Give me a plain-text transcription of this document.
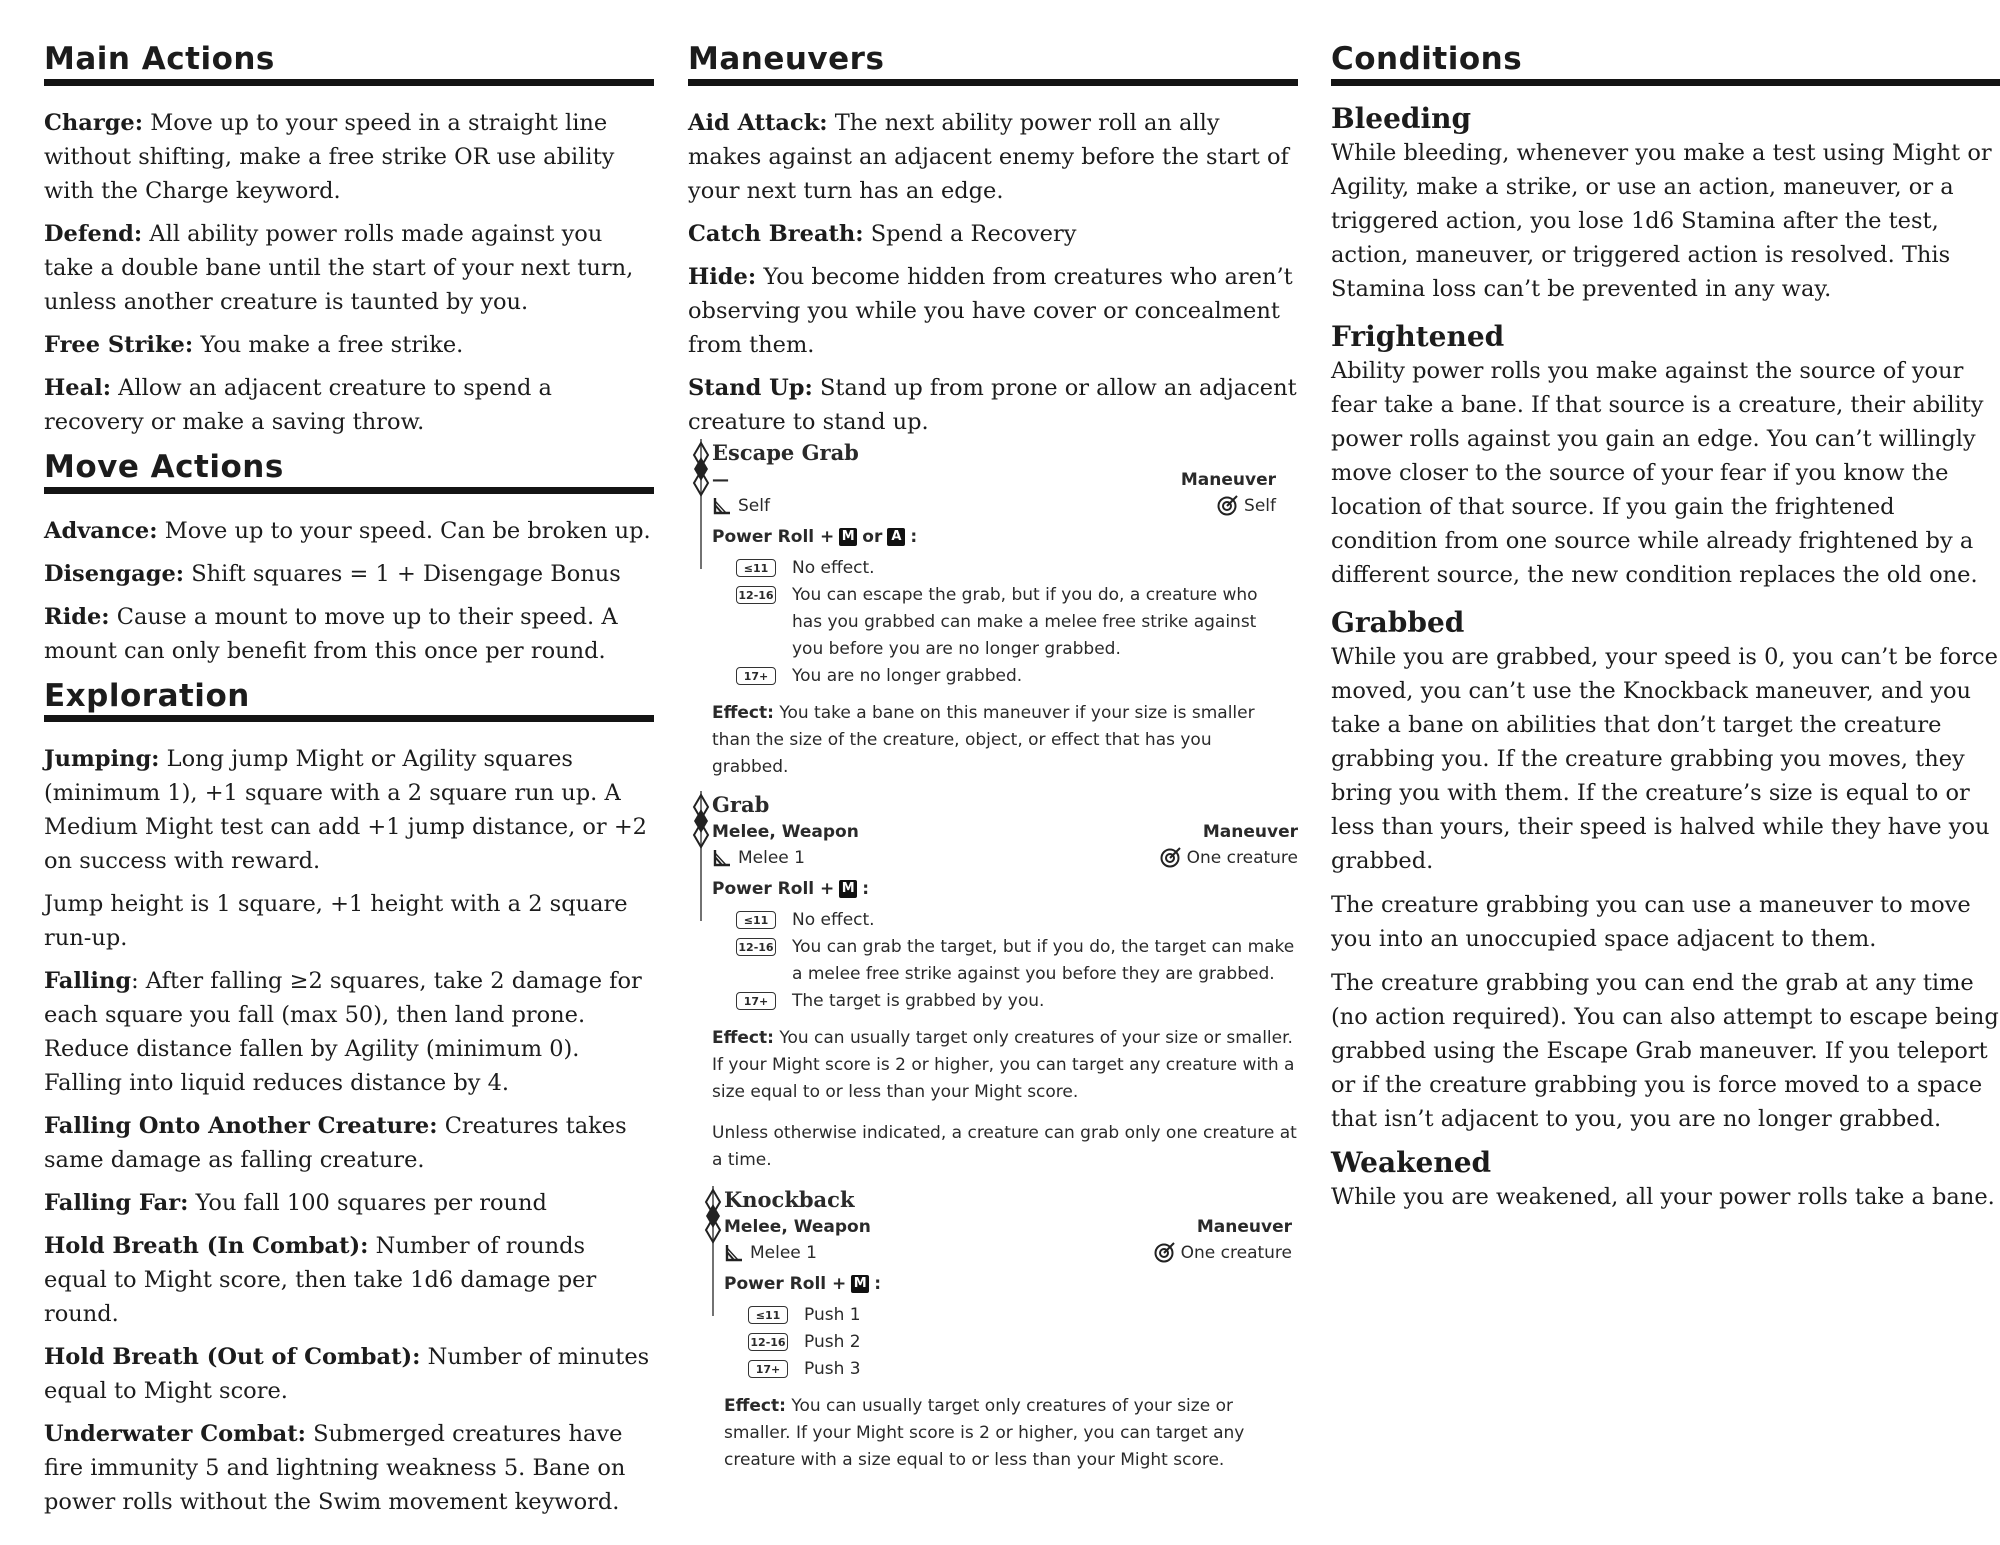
Main Actions

Charge: Move up to your speed in a straight line without shifting, make a free strike OR use ability with the Charge keyword.

Defend: All ability power rolls made against you take a double bane until the start of your next turn, unless another creature is taunted by you.

Free Strike: You make a free strike.

Heal: Allow an adjacent creature to spend a recovery or make a saving throw.

Move Actions

Advance: Move up to your speed. Can be broken up.

Disengage: Shift squares = 1 + Disengage Bonus

Ride: Cause a mount to move up to their speed. A mount can only benefit from this once per round.

Exploration

Jumping: Long jump Might or Agility squares (minimum 1), +1 square with a 2 square run up. A Medium Might test can add +1 jump distance, or +2 on success with reward.

Jump height is 1 square, +1 height with a 2 square run-up.

Falling: After falling ≥2 squares, take 2 damage for each square you fall (max 50), then land prone. Reduce distance fallen by Agility (minimum 0). Falling into liquid reduces distance by 4.

Falling Onto Another Creature: Creatures takes same damage as falling creature.

Falling Far: You fall 100 squares per round

Hold Breath (In Combat): Number of rounds equal to Might score, then take 1d6 damage per round.

Hold Breath (Out of Combat): Number of minutes equal to Might score.

Underwater Combat: Submerged creatures have fire immunity 5 and lightning weakness 5. Bane on power rolls without the Swim movement keyword.

Maneuvers

Aid Attack: The next ability power roll an ally makes against an adjacent enemy before the start of your next turn has an edge.

Catch Breath: Spend a Recovery

Hide: You become hidden from creatures who aren’t observing you while you have cover or concealment from them.

Stand Up: Stand up from prone or allow an adjacent creature to stand up.

Escape Grab
—	Maneuver
Self	Self
Power Roll + M or A :
≤11	No effect.
12-16 You can escape the grab, but if you do, a creature who has you grabbed can make a melee free strike against you before you are no longer grabbed.
17+	You are no longer grabbed.

Effect: You take a bane on this maneuver if your size is smaller than the size of the creature, object, or effect that has you grabbed.

Grab
Melee, Weapon	Maneuver
Melee 1	One creature
Power Roll + M :
≤11	No effect.
12-16 You can grab the target, but if you do, the target can make a melee free strike against you before they are grabbed.
17+	The target is grabbed by you.

Effect: You can usually target only creatures of your size or smaller. If your Might score is 2 or higher, you can target any creature with a size equal to or less than your Might score.

Unless otherwise indicated, a creature can grab only one creature at a time.

Knockback
Melee, Weapon	Maneuver
Melee 1	One creature
Power Roll + M :
≤11	Push 1
12-16 Push 2
17+	Push 3

Effect: You can usually target only creatures of your size or smaller. If your Might score is 2 or higher, you can target any creature with a size equal to or less than your Might score.

Conditions
Bleeding

While bleeding, whenever you make a test using Might or Agility, make a strike, or use an action, maneuver, or a triggered action, you lose 1d6 Stamina after the test, action, maneuver, or triggered action is resolved. This Stamina loss can’t be prevented in any way.

Frightened

Ability power rolls you make against the source of your fear take a bane. If that source is a creature, their ability power rolls against you gain an edge. You can’t willingly move closer to the source of your fear if you know the location of that source. If you gain the frightened condition from one source while already frightened by a different source, the new condition replaces the old one.

Grabbed

While you are grabbed, your speed is 0, you can’t be force moved, you can’t use the Knockback maneuver, and you take a bane on abilities that don’t target the creature grabbing you. If the creature grabbing you moves, they bring you with them. If the creature’s size is equal to or less than yours, their speed is halved while they have you grabbed.

The creature grabbing you can use a maneuver to move you into an unoccupied space adjacent to them.

The creature grabbing you can end the grab at any time (no action required). You can also attempt to escape being grabbed using the Escape Grab maneuver. If you teleport or if the creature grabbing you is force moved to a space that isn’t adjacent to you, you are no longer grabbed.

Weakened

While you are weakened, all your power rolls take a bane.
